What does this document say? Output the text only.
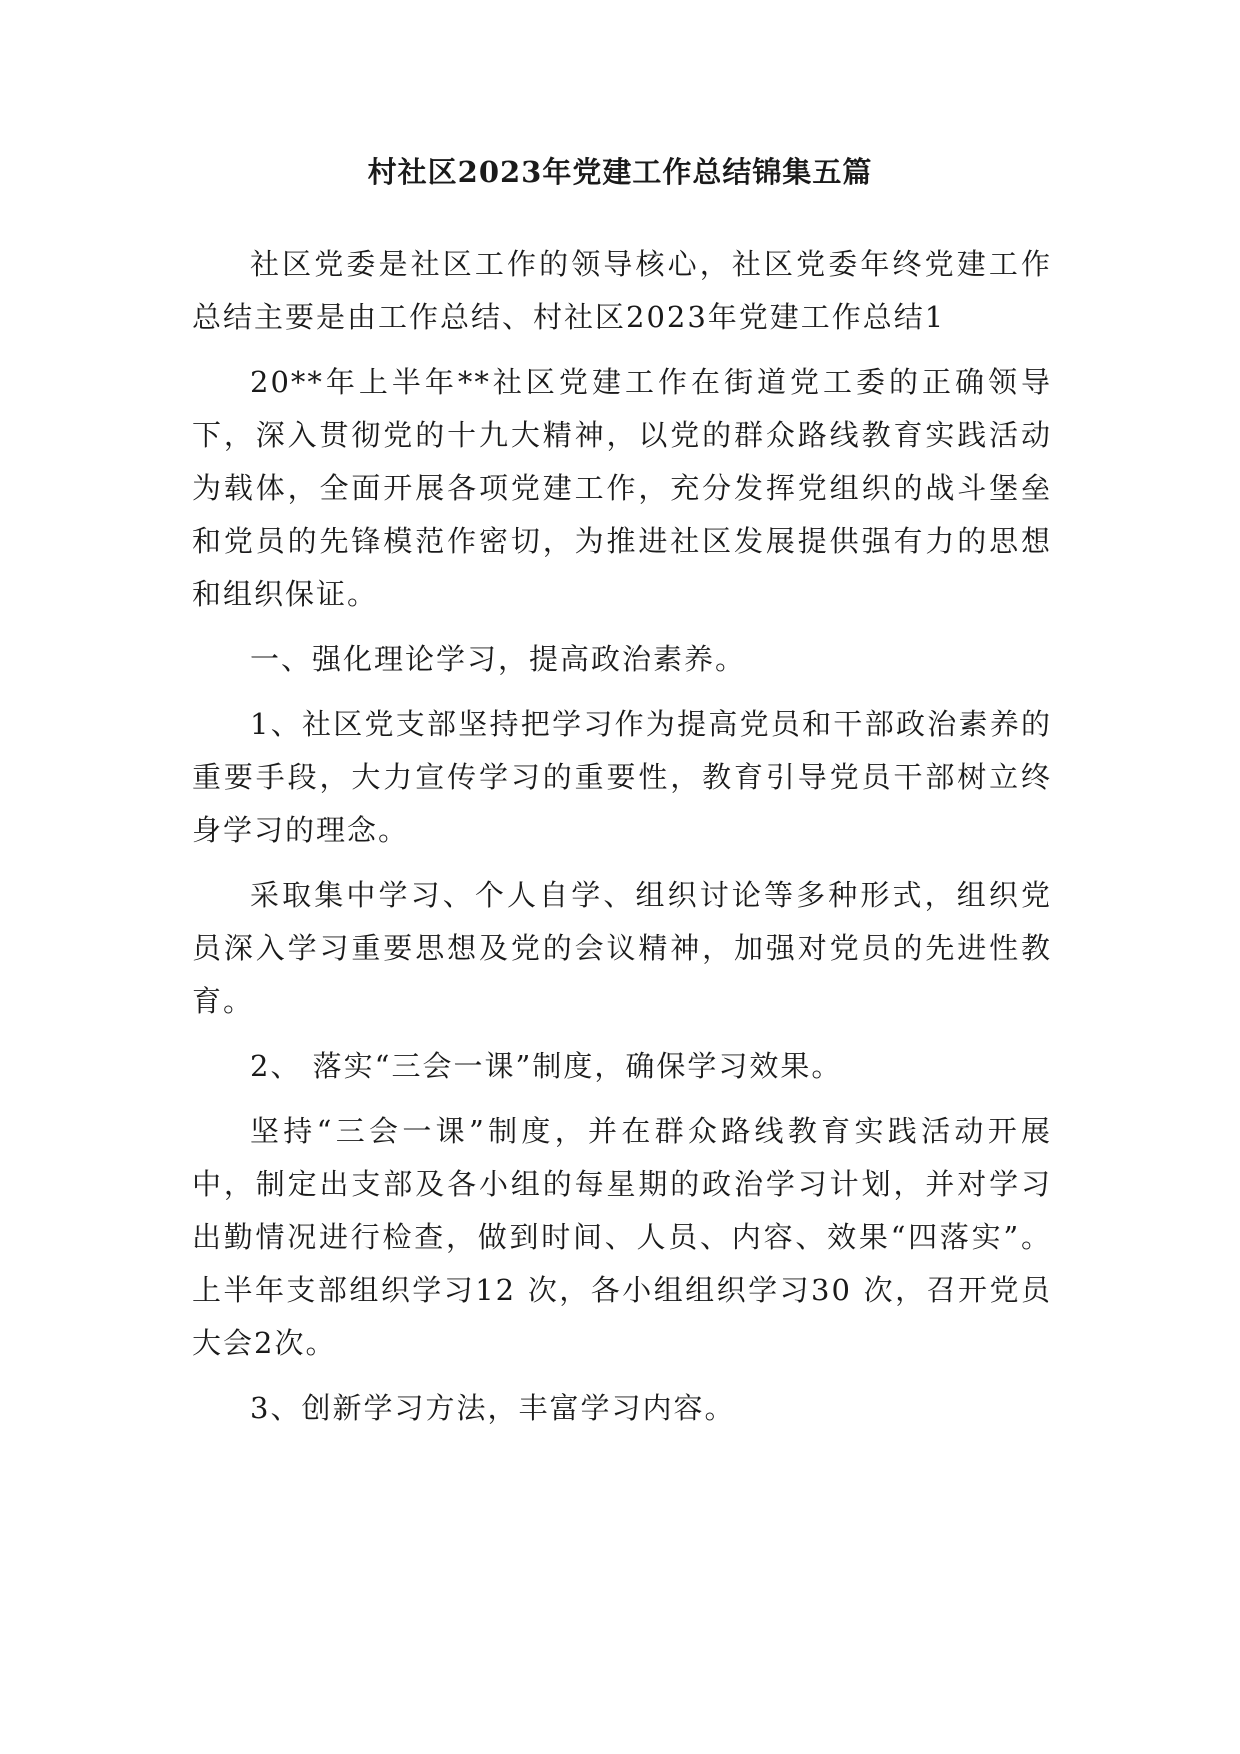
村社区2023年党建工作总结锦集五篇

社区党委是社区工作的领导核心，社区党委年终党建工作总结主要是由工作总结、村社区2023年党建工作总结1

20**年上半年**社区党建工作在街道党工委的正确领导下，深入贯彻党的十九大精神，以党的群众路线教育实践活动为载体，全面开展各项党建工作，充分发挥党组织的战斗堡垒和党员的先锋模范作密切，为推进社区发展提供强有力的思想和组织保证。

一、强化理论学习，提高政治素养。

1、社区党支部坚持把学习作为提高党员和干部政治素养的重要手段，大力宣传学习的重要性，教育引导党员干部树立终身学习的理念。

采取集中学习、个人自学、组织讨论等多种形式，组织党员深入学习重要思想及党的会议精神，加强对党员的先进性教育。

2、 落实“三会一课”制度，确保学习效果。

坚持“三会一课”制度，并在群众路线教育实践活动开展中，制定出支部及各小组的每星期的政治学习计划，并对学习出勤情况进行检查，做到时间、人员、内容、效果“四落实”。上半年支部组织学习12 次，各小组组织学习30 次，召开党员大会2次。

3、创新学习方法，丰富学习内容。
